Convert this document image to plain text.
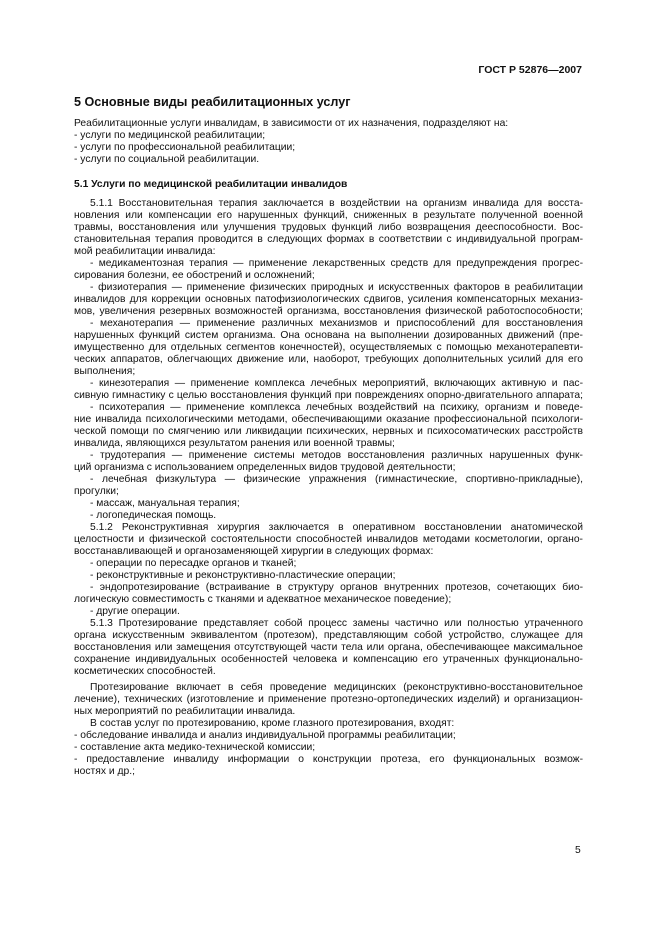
ГОСТ Р 52876—2007
5 Основные виды реабилитационных услуг
Реабилитационные услуги инвалидам, в зависимости от их назначения, подразделяют на:
- услуги по медицинской реабилитации;
- услуги по профессиональной реабилитации;
- услуги по социальной реабилитации.
5.1 Услуги по медицинской реабилитации инвалидов
5.1.1 Восстановительная терапия заключается в воздействии на организм инвалида для восста-
новления или компенсации его нарушенных функций, сниженных в результате полученной военной
травмы, восстановления или улучшения трудовых функций либо возвращения дееспособности. Вос-
становительная терапия проводится в следующих формах в соответствии с индивидуальной програм-
мой реабилитации инвалида:
- медикаментозная терапия — применение лекарственных средств для предупреждения прогрес-
сирования болезни, ее обострений и осложнений;
- физиотерапия — применение физических природных и искусственных факторов в реабилитации
инвалидов для коррекции основных патофизиологических сдвигов, усиления компенсаторных механиз-
мов, увеличения резервных возможностей организма, восстановления физической работоспособности;
- механотерапия — применение различных механизмов и приспособлений для восстановления
нарушенных функций систем организма. Она основана на выполнении дозированных движений (пре-
имущественно для отдельных сегментов конечностей), осуществляемых с помощью механотерапевти-
ческих аппаратов, облегчающих движение или, наоборот, требующих дополнительных усилий для его
выполнения;
- кинезотерапия — применение комплекса лечебных мероприятий, включающих активную и пас-
сивную гимнастику с целью восстановления функций при повреждениях опорно-двигательного аппарата;
- психотерапия — применение комплекса лечебных воздействий на психику, организм и поведе-
ние инвалида психологическими методами, обеспечивающими оказание профессиональной психологи-
ческой помощи по смягчению или ликвидации психических, нервных и психосоматических расстройств
инвалида, являющихся результатом ранения или военной травмы;
- трудотерапия — применение системы методов восстановления различных нарушенных функ-
ций организма с использованием определенных видов трудовой деятельности;
- лечебная физкультура — физические упражнения (гимнастические, спортивно-прикладные),
прогулки;
- массаж, мануальная терапия;
- логопедическая помощь.
5.1.2 Реконструктивная хирургия заключается в оперативном восстановлении анатомической
целостности и физической состоятельности способностей инвалидов методами косметологии, органо-
восстанавливающей и органозаменяющей хирургии в следующих формах:
- операции по пересадке органов и тканей;
- реконструктивные и реконструктивно-пластические операции;
- эндопротезирование (встраивание в структуру органов внутренних протезов, сочетающих био-
логическую совместимость с тканями и адекватное механическое поведение);
- другие операции.
5.1.3 Протезирование представляет собой процесс замены частично или полностью утраченного
органа искусственным эквивалентом (протезом), представляющим собой устройство, служащее для
восстановления или замещения отсутствующей части тела или органа, обеспечивающее максимальное
сохранение индивидуальных особенностей человека и компенсацию его утраченных функционально-
косметических способностей.
Протезирование включает в себя проведение медицинских (реконструктивно-восстановительное
лечение), технических (изготовление и применение протезно-ортопедических изделий) и организацион-
ных мероприятий по реабилитации инвалида.
В состав услуг по протезированию, кроме глазного протезирования, входят:
- обследование инвалида и анализ индивидуальной программы реабилитации;
- составление акта медико-технической комиссии;
- предоставление инвалиду информации о конструкции протеза, его функциональных возмож-
ностях и др.;
5
